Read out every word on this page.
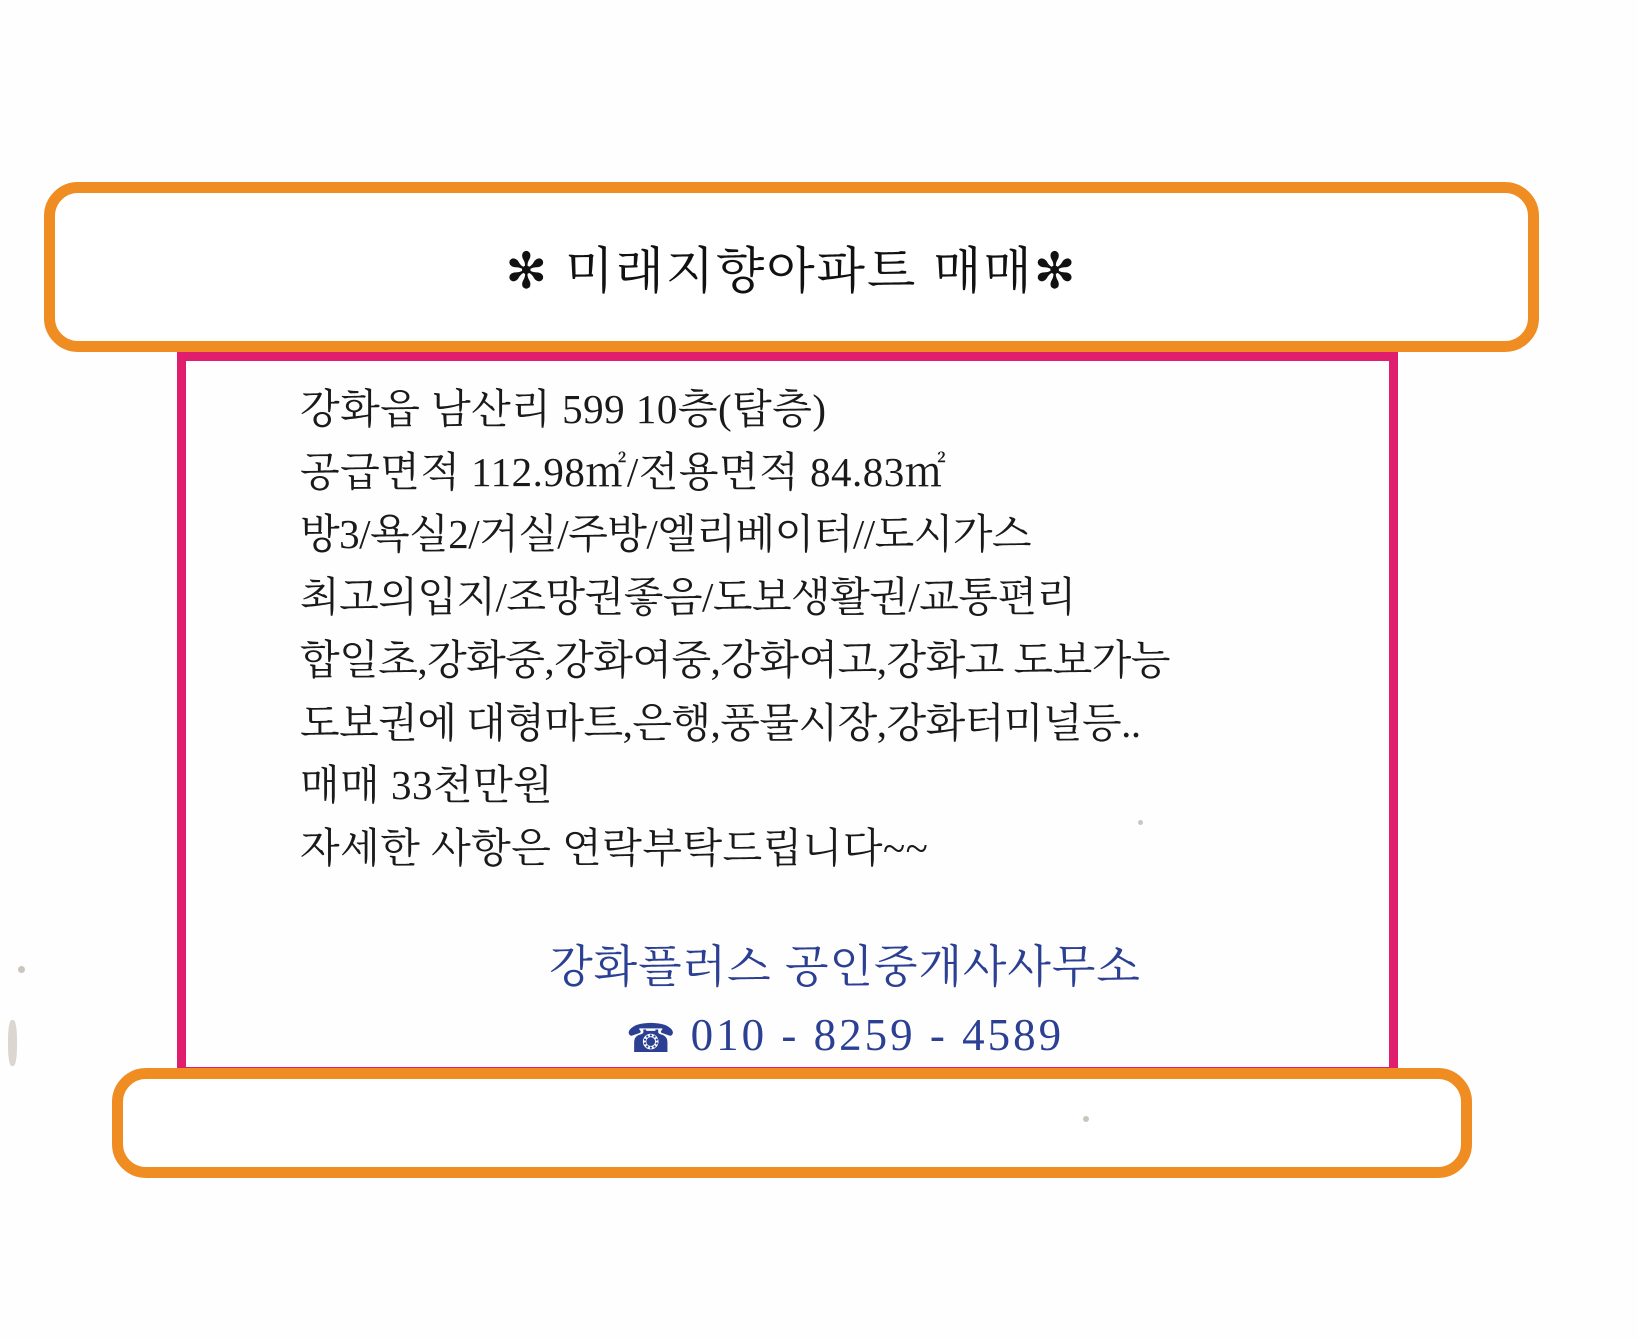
✻ 미래지향아파트 매매✻
강화읍 남산리 599 10층(탑층)
공급면적 112.98㎡/전용면적 84.83㎡
방3/욕실2/거실/주방/엘리베이터//도시가스
최고의입지/조망권좋음/도보생활권/교통편리
합일초,강화중,강화여중,강화여고,강화고 도보가능
도보권에 대형마트,은행,풍물시장,강화터미널등..
매매 33천만원
자세한 사항은 연락부탁드립니다~~
강화플러스 공인중개사사무소
☎ 010 - 8259 - 4589
